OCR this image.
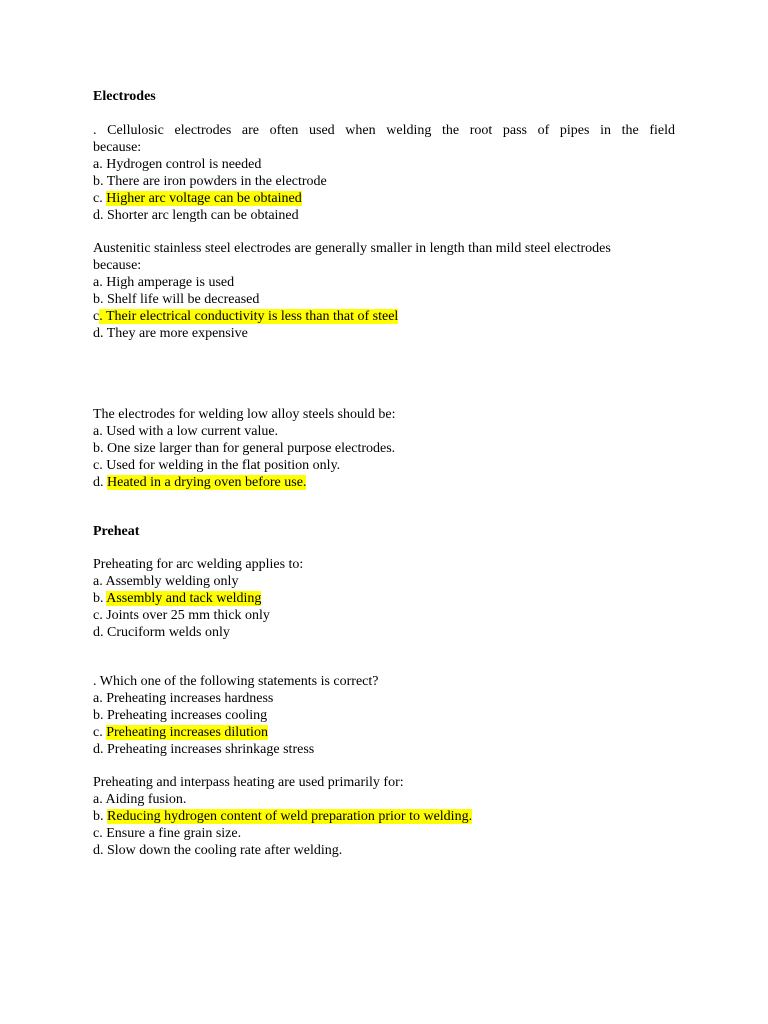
Electrodes
. Cellulosic electrodes are often used when welding the root pass of pipes in the field
because:
a. Hydrogen control is needed
b. There are iron powders in the electrode
c. Higher arc voltage can be obtained
d. Shorter arc length can be obtained
Austenitic stainless steel electrodes are generally smaller in length than mild steel electrodes
because:
a. High amperage is used
b. Shelf life will be decreased
c. Their electrical conductivity is less than that of steel
d. They are more expensive
The electrodes for welding low alloy steels should be:
a. Used with a low current value.
b. One size larger than for general purpose electrodes.
c. Used for welding in the flat position only.
d. Heated in a drying oven before use.
Preheat
Preheating for arc welding applies to:
a. Assembly welding only
b. Assembly and tack welding
c. Joints over 25 mm thick only
d. Cruciform welds only
. Which one of the following statements is correct?
a. Preheating increases hardness
b. Preheating increases cooling
c. Preheating increases dilution
d. Preheating increases shrinkage stress
Preheating and interpass heating are used primarily for:
a. Aiding fusion.
b. Reducing hydrogen content of weld preparation prior to welding.
c. Ensure a fine grain size.
d. Slow down the cooling rate after welding.
